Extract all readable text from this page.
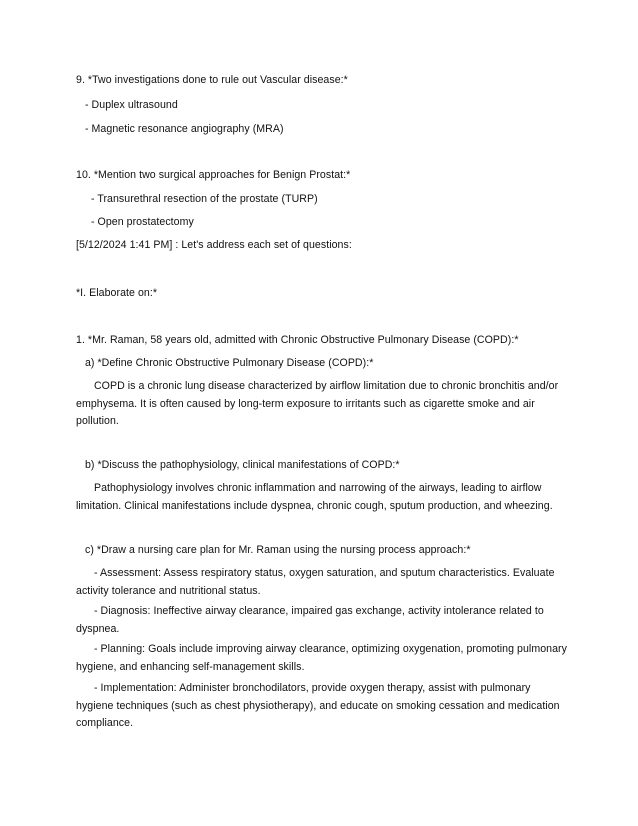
9. *Two investigations done to rule out Vascular disease:*

- Duplex ultrasound

- Magnetic resonance angiography (MRA)

10. *Mention two surgical approaches for Benign Prostat:*

- Transurethral resection of the prostate (TURP)

- Open prostatectomy

[5/12/2024 1:41 PM] : Let's address each set of questions:

*I. Elaborate on:*

1. *Mr. Raman, 58 years old, admitted with Chronic Obstructive Pulmonary Disease (COPD):*

a) *Define Chronic Obstructive Pulmonary Disease (COPD):*

COPD is a chronic lung disease characterized by airflow limitation due to chronic bronchitis and/or emphysema. It is often caused by long-term exposure to irritants such as cigarette smoke and air pollution.

b) *Discuss the pathophysiology, clinical manifestations of COPD:*

Pathophysiology involves chronic inflammation and narrowing of the airways, leading to airflow limitation. Clinical manifestations include dyspnea, chronic cough, sputum production, and wheezing.

c) *Draw a nursing care plan for Mr. Raman using the nursing process approach:*

- Assessment: Assess respiratory status, oxygen saturation, and sputum characteristics. Evaluate activity tolerance and nutritional status.

- Diagnosis: Ineffective airway clearance, impaired gas exchange, activity intolerance related to dyspnea.

- Planning: Goals include improving airway clearance, optimizing oxygenation, promoting pulmonary hygiene, and enhancing self-management skills.

- Implementation: Administer bronchodilators, provide oxygen therapy, assist with pulmonary hygiene techniques (such as chest physiotherapy), and educate on smoking cessation and medication compliance.
